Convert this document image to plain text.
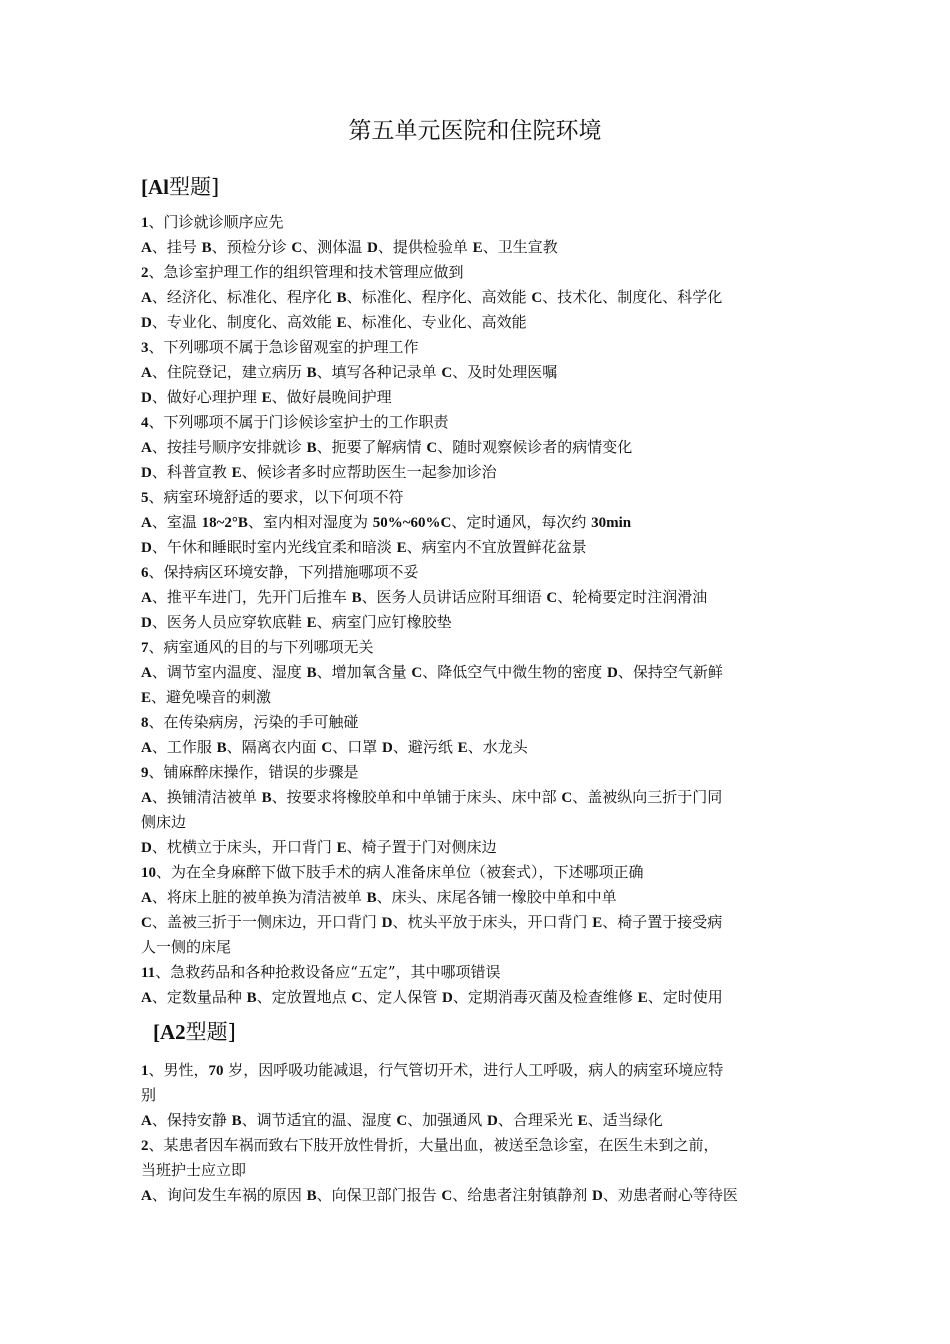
第五单元医院和住院环境
[Al型题]
[A2型题]
1、门诊就诊顺序应先
A、挂号 B、预检分诊 C、测体温 D、提供检验单 E、卫生宣教
2、急诊室护理工作的组织管理和技术管理应做到
A、经济化、标准化、程序化 B、标准化、程序化、高效能 C、技术化、制度化、科学化
D、专业化、制度化、高效能 E、标准化、专业化、高效能
3、下列哪项不属于急诊留观室的护理工作
A、住院登记，建立病历 B、填写各种记录单 C、及时处理医嘱
D、做好心理护理 E、做好晨晚间护理
4、下列哪项不属于门诊候诊室护士的工作职责
A、按挂号顺序安排就诊 B、扼要了解病情 C、随时观察候诊者的病情变化
D、科普宣教 E、候诊者多时应帮助医生一起参加诊治
5、病室环境舒适的要求，以下何项不符
A、室温 18~2°B、室内相对湿度为 50%~60%C、定时通风，每次约 30min
D、午休和睡眠时室内光线宜柔和暗淡 E、病室内不宜放置鲜花盆景
6、保持病区环境安静，下列措施哪项不妥
A、推平车进门，先开门后推车 B、医务人员讲话应附耳细语 C、轮椅要定时注润滑油
D、医务人员应穿软底鞋 E、病室门应钉橡胶垫
7、病室通风的目的与下列哪项无关
A、调节室内温度、湿度 B、增加氧含量 C、降低空气中微生物的密度 D、保持空气新鲜
E、避免噪音的刺激
8、在传染病房，污染的手可触碰
A、工作服 B、隔离衣内面 C、口罩 D、避污纸 E、水龙头
9、铺麻醉床操作，错误的步骤是
A、换铺清洁被单 B、按要求将橡胶单和中单铺于床头、床中部 C、盖被纵向三折于门同
侧床边
D、枕横立于床头，开口背门 E、椅子置于门对侧床边
10、为在全身麻醉下做下肢手术的病人准备床单位（被套式），下述哪项正确
A、将床上脏的被单换为清洁被单 B、床头、床尾各铺一橡胶中单和中单
C、盖被三折于一侧床边，开口背门 D、枕头平放于床头，开口背门 E、椅子置于接受病
人一侧的床尾
11、急救药品和各种抢救设备应“五定”，其中哪项错误
A、定数量品种 B、定放置地点 C、定人保管 D、定期消毒灭菌及检查维修 E、定时使用
1、男性，70 岁，因呼吸功能减退，行气管切开术，进行人工呼吸，病人的病室环境应特
别
A、保持安静 B、调节适宜的温、湿度 C、加强通风 D、合理采光 E、适当绿化
2、某患者因车祸而致右下肢开放性骨折，大量出血，被送至急诊室，在医生未到之前，
当班护士应立即
A、询问发生车祸的原因 B、向保卫部门报告 C、给患者注射镇静剂 D、劝患者耐心等待医
